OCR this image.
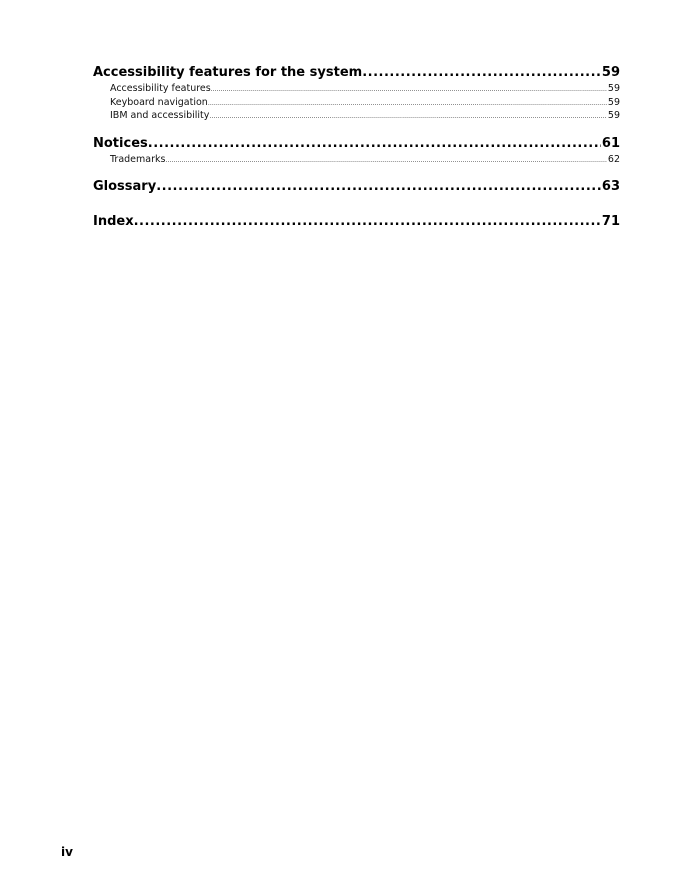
Accessibility features for the system .....	59
Accessibility features .....	59
Keyboard navigation .....	59
IBM and accessibility .....	59
Notices .....	61
Trademarks .....	62
Glossary .....	63
Index .....	71
iv
